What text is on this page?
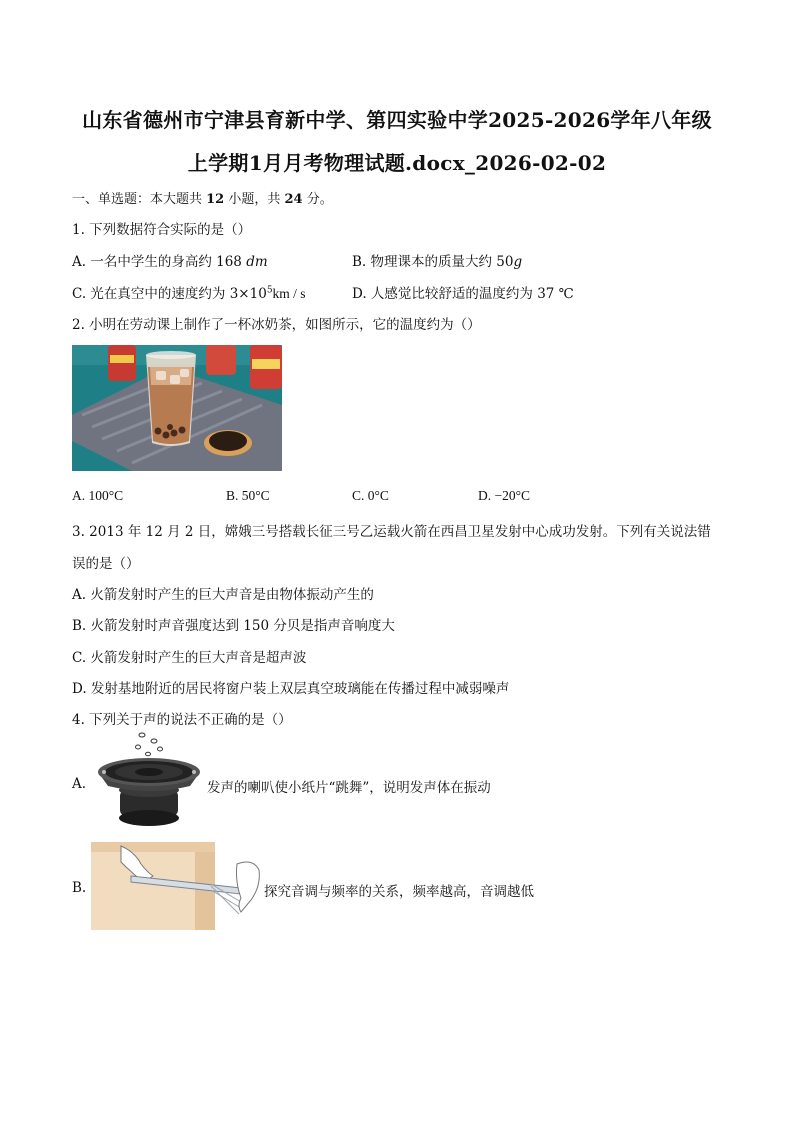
山东省德州市宁津县育新中学、第四实验中学2025-2026学年八年级
上学期1月月考物理试题.docx_2026-02-02
一、单选题：本大题共 12 小题，共 24 分。
1. 下列数据符合实际的是（）
A. 一名中学生的身高约 168 dm	B. 物理课本的质量大约 50g
C. 光在真空中的速度约为 $3\times 10^5km / s$	D. 人感觉比较舒适的温度约为 37 ℃
2. 小明在劳动课上制作了一杯冰奶茶，如图所示，它的温度约为（）
A. 100°C	B. 50°C	C. 0°C	D. −20°C
3. 2013 年 12 月 2 日，嫦娥三号搭载长征三号乙运载火箭在西昌卫星发射中心成功发射。下列有关说法错
误的是（）
A. 火箭发射时产生的巨大声音是由物体振动产生的
B. 火箭发射时声音强度达到 150 分贝是指声音响度大
C. 火箭发射时产生的巨大声音是超声波
D. 发射基地附近的居民将窗户装上双层真空玻璃能在传播过程中减弱噪声
4. 下列关于声的说法不正确的是（）
A.	发声的喇叭使小纸片“跳舞”，说明发声体在振动
B.	探究音调与频率的关系，频率越高，音调越低
